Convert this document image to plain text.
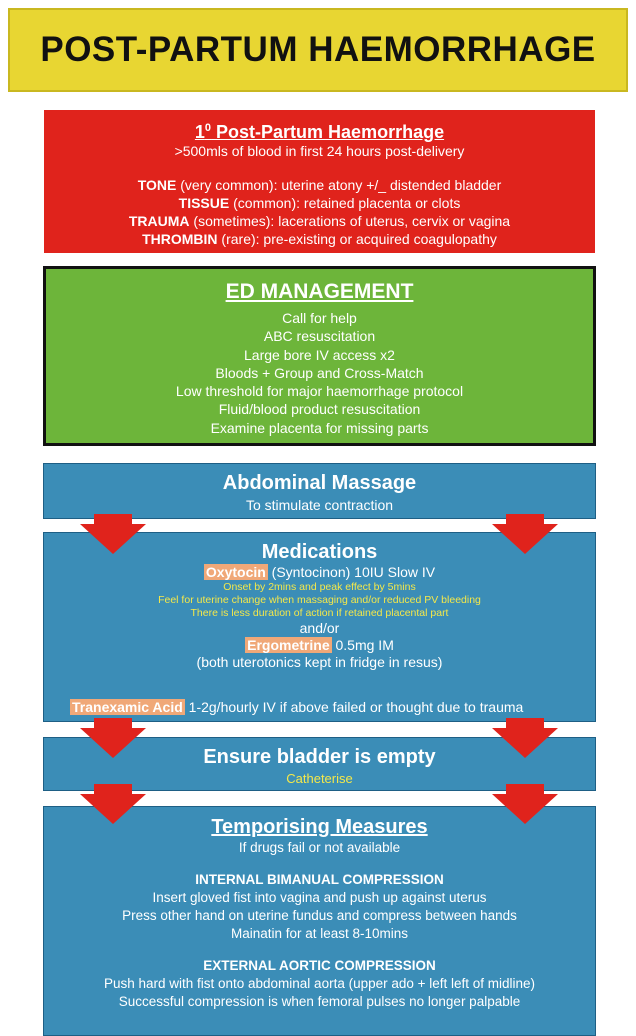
POST-PARTUM HAEMORRHAGE
$1^0$ Post-Partum Haemorrhage
>500mls of blood in first 24 hours post-delivery
TONE (very common): uterine atony +/_ distended bladder
TISSUE (common): retained placenta or clots
TRAUMA (sometimes): lacerations of uterus, cervix or vagina
THROMBIN (rare): pre-existing or acquired coagulopathy
ED MANAGEMENT
Call for help
ABC resuscitation
Large bore IV access x2
Bloods + Group and Cross-Match
Low threshold for major haemorrhage protocol
Fluid/blood product resuscitation
Examine placenta for missing parts
Abdominal Massage
To stimulate contraction
Medications
Oxytocin (Syntocinon) 10IU Slow IV
Onset by 2mins and peak effect by 5mins
Feel for uterine change when massaging and/or reduced PV bleeding
There is less duration of action if retained placental part
and/or
Ergometrine 0.5mg IM
(both uterotonics kept in fridge in resus)
Tranexamic Acid 1-2g/hourly IV if above failed or thought due to trauma
Ensure bladder is empty
Catheterise
Temporising Measures
If drugs fail or not available
INTERNAL BIMANUAL COMPRESSION
Insert gloved fist into vagina and push up against uterus
Press other hand on uterine fundus and compress between hands
Mainatin for at least 8-10mins
EXTERNAL AORTIC COMPRESSION
Push hard with fist onto abdominal aorta (upper ado + left left of midline)
Successful compression is when femoral pulses no longer palpable
